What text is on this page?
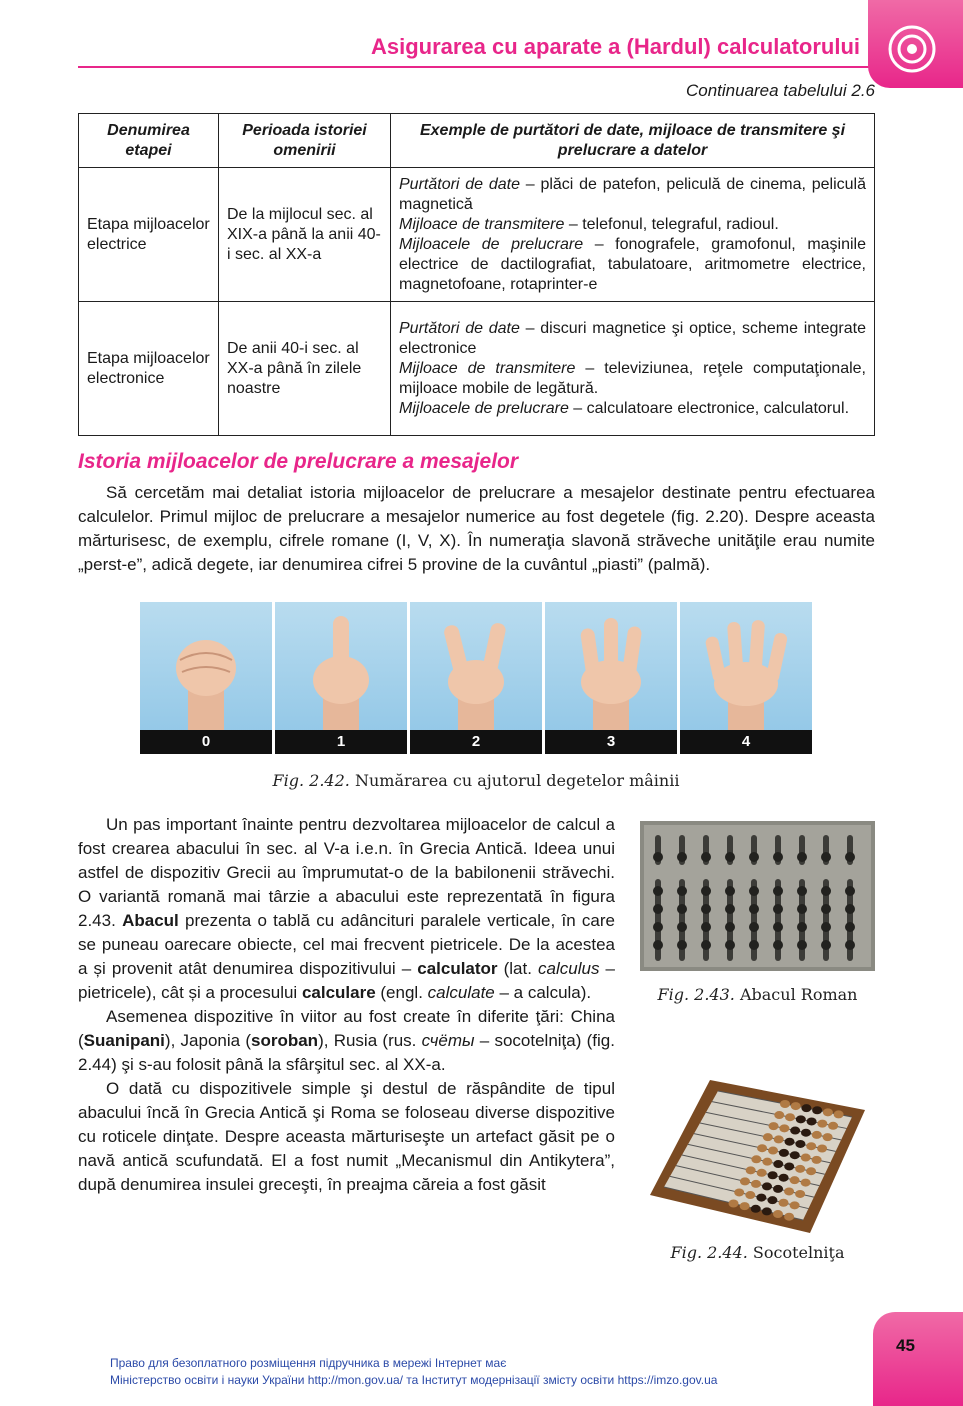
Asigurarea cu aparate a (Hardul) calculatorului
Continuarea tabelului 2.6
Denumirea etapei	Perioada istoriei omenirii	Exemple de purtători de date, mijloace de transmitere şi prelucrare a datelor
Etapa mijloacelor electrice	De la mijlocul sec. al XIX-a până la anii 40-i sec. al XX-a	Purtători de date – plăci de patefon, peliculă de cinema, peliculă magnetică

Mijloace de transmitere – telefonul, telegraful, radioul.

Mijloacele de prelucrare – fonografele, gramofonul, maşinile electrice de dactilografiat, tabulatoare, aritmometre electrice, magnetofoane, rotaprinter-e

Etapa mijloacelor electronice	De anii 40-i sec. al XX-a până în zilele noastre	Purtători de date – discuri magnetice şi optice, scheme integrate electronice

Mijloace de transmitere – televiziunea, reţele computaţionale, mijloace mobile de legătură.

Mijloacele de prelucrare – calculatoare electronice, calculatorul.

Istoria mijloacelor de prelucrare a mesajelor
Să cercetăm mai detaliat istoria mijloacelor de prelucrare a mesajelor destinate pentru efectuarea calculelor. Primul mijloc de prelucrare a mesajelor numerice au fost degetele (fig. 2.20). Despre aceasta mărturisesc, de exemplu, cifrele romane (I, V, X). În numeraţia slavonă străveche unităţile erau numite „perst-e”, adică degete, iar denumirea cifrei 5 provine de la cuvântul „piasti” (palmă).
0	1	2	3	4
Fig. 2.42. Numărarea cu ajutorul degetelor mâinii
Un pas important înainte pentru dezvoltarea mijloacelor de calcul a fost crearea abacului în sec. al V-a i.e.n. în Grecia Antică. Ideea unui astfel de dispozitiv Grecii au împrumutat-o de la babilonenii străvechi. O variantă romană mai târzie a abacului este reprezentată în figura 2.43. Abacul prezenta o tablă cu adâncituri paralele verticale, în care se puneau oarecare obiecte, cel mai frecvent pietricele. De la acestea a și provenit atât denumirea dispozitivului – calculator (lat. calculus – pietricele), cât și a procesului calculare (engl. calculate – a calcula).
Asemenea dispozitive în viitor au fost create în diferite ţări: China (Suanipani), Japonia (soroban), Rusia (rus. счёты – socotelniţa) (fig. 2.44) şi s-au folosit până la sfârşitul sec. al XX-a.
O dată cu dispozitivele simple şi destul de răspândite de tipul abacului încă în Grecia Antică şi Roma se foloseau diverse dispozitive cu roticele dinţate. Despre aceasta mărturiseşte un artefact găsit pe o navă antică scufundată. El a fost numit „Mecanismul din Antikytera”, după denumirea insulei greceşti, în preajma căreia a fost găsit
Fig. 2.43. Abacul Roman
Fig. 2.44. Socotelniţa
45
Право для безоплатного розміщення підручника в мережі Інтернет має
Міністерство освіти і науки України http://mon.gov.ua/ та Інститут модернізації змісту освіти https://imzo.gov.ua
